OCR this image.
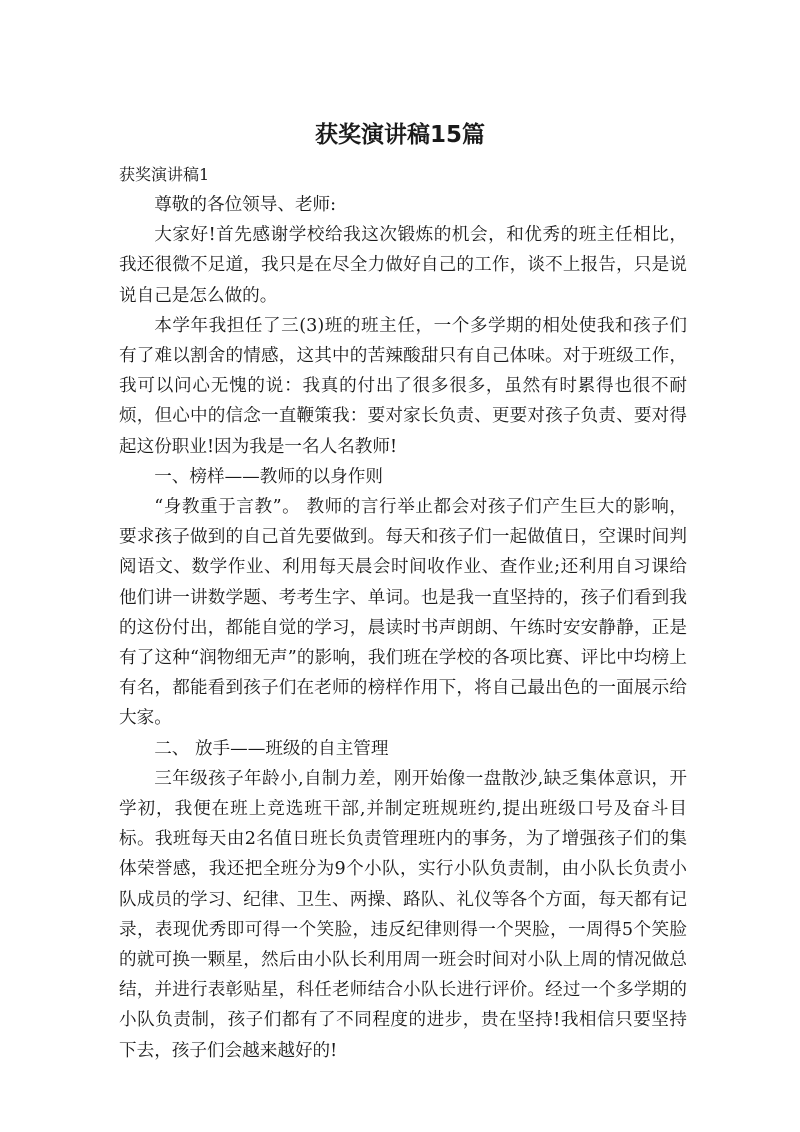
获奖演讲稿15篇

获奖演讲稿1

尊敬的各位领导、老师:

大家好!首先感谢学校给我这次锻炼的机会，和优秀的班主任相比，我还很微不足道，我只是在尽全力做好自己的工作，谈不上报告，只是说说自己是怎么做的。

本学年我担任了三(3)班的班主任，一个多学期的相处使我和孩子们有了难以割舍的情感，这其中的苦辣酸甜只有自己体味。对于班级工作，我可以问心无愧的说：我真的付出了很多很多，虽然有时累得也很不耐烦，但心中的信念一直鞭策我：要对家长负责、更要对孩子负责、要对得起这份职业!因为我是一名人名教师!

一、榜样——教师的以身作则

“身教重于言教”。 教师的言行举止都会对孩子们产生巨大的影响，要求孩子做到的自己首先要做到。每天和孩子们一起做值日，空课时间判阅语文、数学作业、利用每天晨会时间收作业、查作业;还利用自习课给他们讲一讲数学题、考考生字、单词。也是我一直坚持的，孩子们看到我的这份付出，都能自觉的学习，晨读时书声朗朗、午练时安安静静，正是有了这种“润物细无声”的影响，我们班在学校的各项比赛、评比中均榜上有名，都能看到孩子们在老师的榜样作用下，将自己最出色的一面展示给大家。

二、 放手——班级的自主管理

三年级孩子年龄小,自制力差，刚开始像一盘散沙,缺乏集体意识，开学初，我便在班上竞选班干部,并制定班规班约,提出班级口号及奋斗目标。我班每天由2名值日班长负责管理班内的事务，为了增强孩子们的集体荣誉感，我还把全班分为9个小队，实行小队负责制，由小队长负责小队成员的学习、纪律、卫生、两操、路队、礼仪等各个方面，每天都有记录，表现优秀即可得一个笑脸，违反纪律则得一个哭脸，一周得5个笑脸的就可换一颗星，然后由小队长利用周一班会时间对小队上周的情况做总结，并进行表彰贴星，科任老师结合小队长进行评价。经过一个多学期的小队负责制，孩子们都有了不同程度的进步，贵在坚持!我相信只要坚持下去，孩子们会越来越好的!
